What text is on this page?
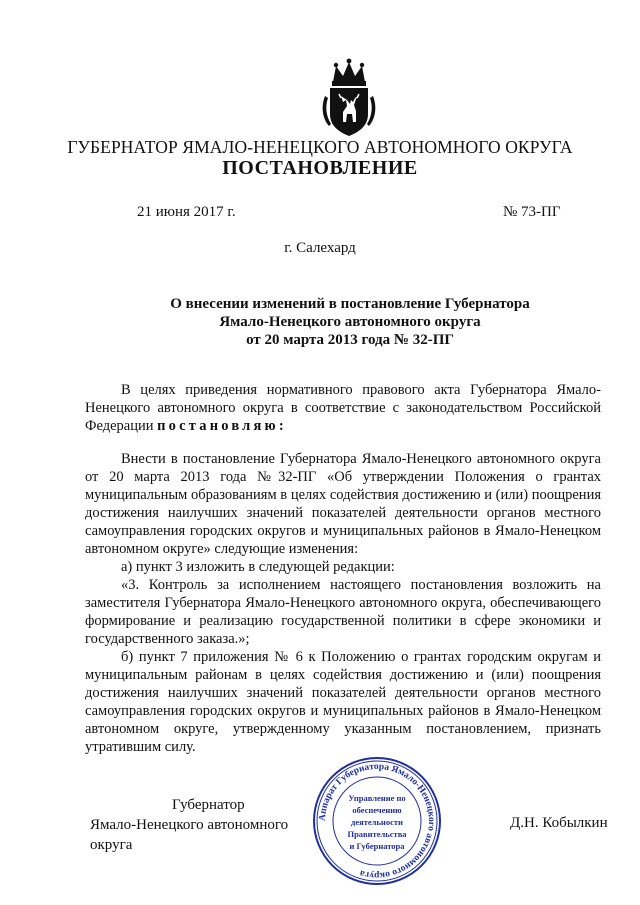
ГУБЕРНАТОР ЯМАЛО-НЕНЕЦКОГО АВТОНОМНОГО ОКРУГА
ПОСТАНОВЛЕНИЕ
21 июня 2017 г.	№ 73-ПГ
г. Салехард
О внесении изменений в постановление Губернатора
Ямало-Ненецкого автономного округа
от 20 марта 2013 года № 32-ПГ

В целях приведения нормативного правового акта Губернатора Ямало-Ненецкого автономного округа в соответствие с законодательством Российской Федерации постановляю:

Внести в постановление Губернатора Ямало-Ненецкого автономного округа от 20 марта 2013 года №32-ПГ «Об утверждении Положения о грантах муниципальным образованиям в целях содействия достижению и (или) поощрения достижения наилучших значений показателей деятельности органов местного самоуправления городских округов и муниципальных районов в Ямало-Ненецком автономном округе» следующие изменения:

а) пункт 3 изложить в следующей редакции:

«3. Контроль за исполнением настоящего постановления возложить на заместителя Губернатора Ямало-Ненецкого автономного округа, обеспечивающего формирование и реализацию государственной политики в сфере экономики и государственного заказа.»;

б) пункт 7 приложения № 6 к Положению о грантах городским округам и муниципальным районам в целях содействия достижению и (или) поощрения достижения наилучших значений показателей деятельности органов местного самоуправления городских округов и муниципальных районов в Ямало-Ненецком автономном округе, утвержденному указанным постановлением, признать утратившим силу.

Губернатор
Ямало-Ненецкого автономного округа
Д.Н. Кобылкин
Аппарат Губернатора Ямало-Ненецкого автономного округа
Управление по
обеспечению
деятельности
Правительства
и Губернатора
